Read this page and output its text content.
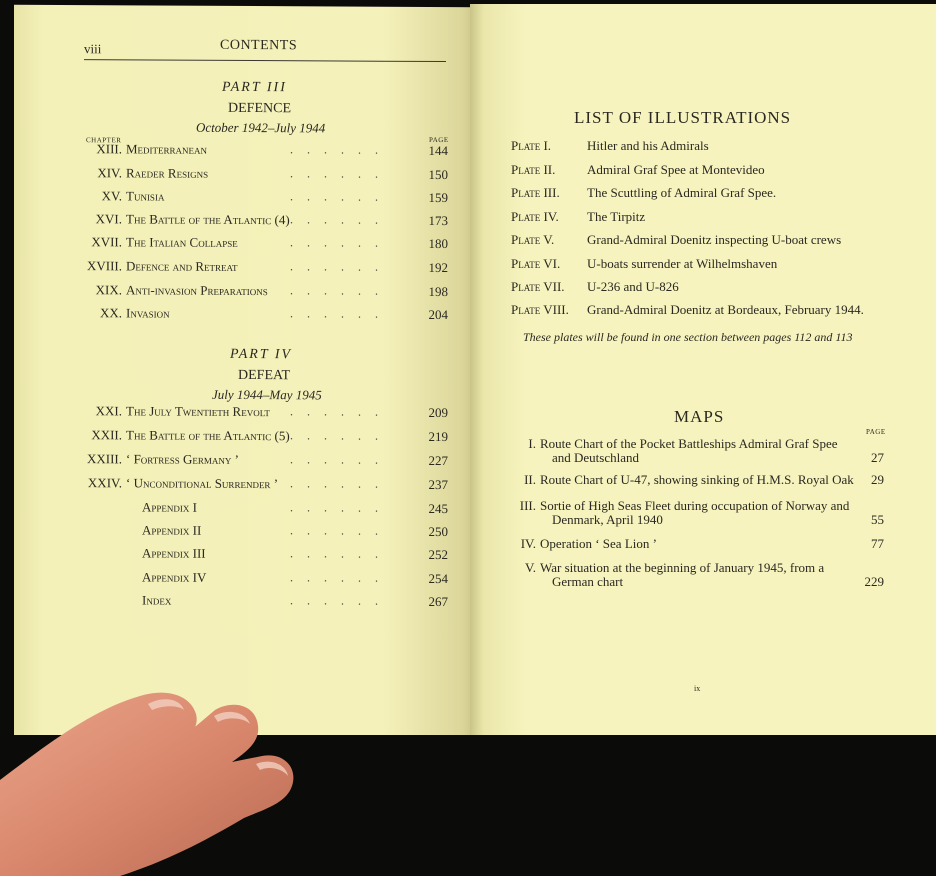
viii	CONTENTS
PART III
DEFENCE
October 1942–July 1944
CHAPTER	PAGE
XIII. Mediterranean	......	144
XIV. Raeder Resigns	......	150
XV. Tunisia	......	159
XVI. The Battle of the Atlantic (4) ......	173
XVII. The Italian Collapse	......	180
XVIII. Defence and Retreat	......	192
XIX. Anti-invasion Preparations ......	198
XX. Invasion	......	204
PART IV
DEFEAT
July 1944–May 1945
XXI. The July Twentieth Revolt ......	209
XXII. The Battle of the Atlantic (5) ......	219
XXIII. ‘ Fortress Germany ’	......	227
XXIV. ‘ Unconditional Surrender ’ ......	237
Appendix I	......	245
Appendix II	......	250
Appendix III	......	252
Appendix IV	......	254
Index	......	267
LIST OF ILLUSTRATIONS
Plate I.	Hitler and his Admirals
Plate II. Admiral Graf Spee at Montevideo
Plate III. The Scuttling of Admiral Graf Spee.
Plate IV. The Tirpitz
Plate V.	Grand-Admiral Doenitz inspecting U-boat crews
Plate VI. U-boats surrender at Wilhelmshaven
Plate VII. U-236 and U-826
Plate VIII. Grand-Admiral Doenitz at Bordeaux, February 1944.
These plates will be found in one section between pages 112 and 113
MAPS
PAGE
I. Route Chart of the Pocket Battleships Admiral Graf Spee
and Deutschland	27
II. Route Chart of U-47, showing sinking of H.M.S. Royal Oak	29
III. Sortie of High Seas Fleet during occupation of Norway and
Denmark, April 1940	55
IV. Operation ‘ Sea Lion ’	77
V. War situation at the beginning of January 1945, from a
German chart	229
ix
